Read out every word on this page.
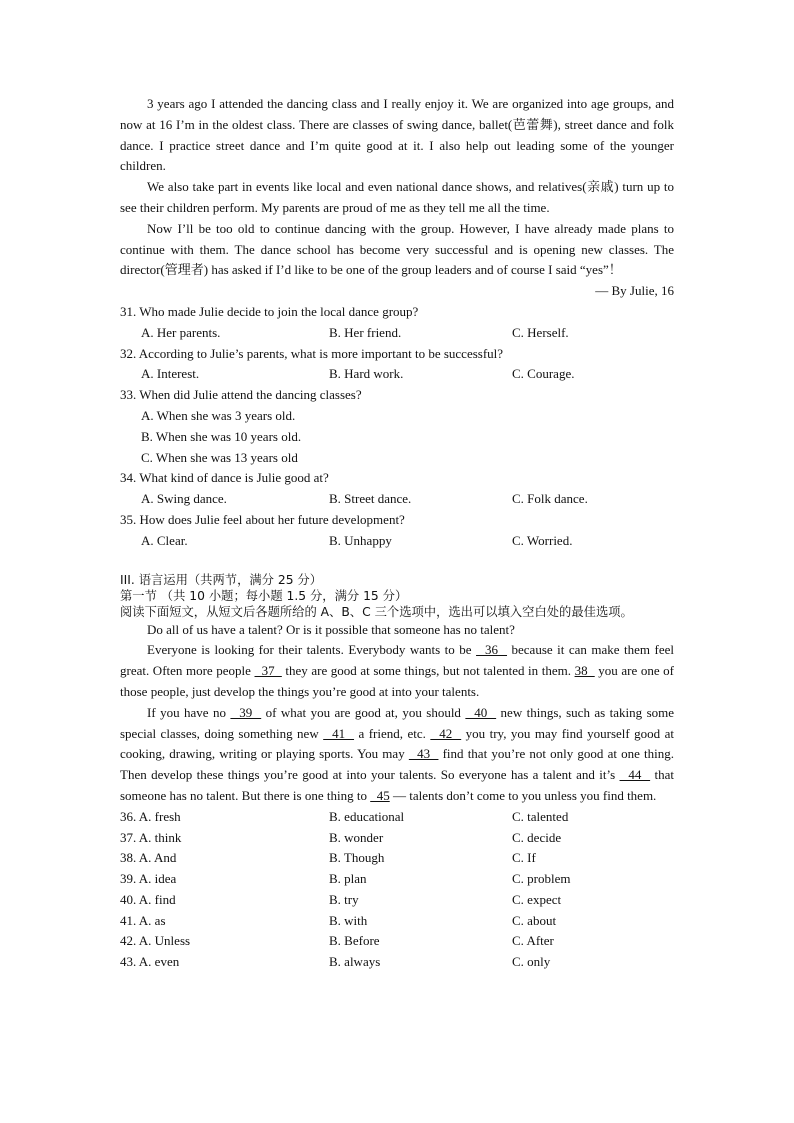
3 years ago I attended the dancing class and I really enjoy it. We are organized into age groups, and now at 16 I’m in the oldest class. There are classes of swing dance, ballet(芭蕾舞), street dance and folk dance. I practice street dance and I’m quite good at it. I also help out leading some of the younger children.

We also take part in events like local and even national dance shows, and relatives(亲戚) turn up to see their children perform. My parents are proud of me as they tell me all the time.

Now I’ll be too old to continue dancing with the group. However, I have already made plans to continue with them. The dance school has become very successful and is opening new classes. The director(管理者) has asked if I’d like to be one of the group leaders and of course I said “yes”！

— By Julie, 16

31. Who made Julie decide to join the local dance group?

A. Her parents.	B. Her friend.	C. Herself.

32. According to Julie’s parents, what is more important to be successful?

A. Interest.	B. Hard work.	C. Courage.

33. When did Julie attend the dancing classes?

A. When she was 3 years old.

B. When she was 10 years old.

C. When she was 13 years old

34. What kind of dance is Julie good at?

A. Swing dance.	B. Street dance.	C. Folk dance.

35. How does Julie feel about her future development?

A. Clear.	B. Unhappy	C. Worried.

III. 语言运用（共两节，满分 25 分）

第一节 （共 10 小题；每小题 1.5 分，满分 15 分）

阅读下面短文，从短文后各题所给的 A、B、C 三个选项中，选出可以填入空白处的最佳选项。

Do all of us have a talent? Or is it possible that someone has no talent?

Everyone is looking for their talents. Everybody wants to be   36   because it can make them feel great. Often more people   37   they are good at some things, but not talented in them. 38   you are one of those people, just develop the things you’re good at into your talents.

If you have no   39   of what you are good at, you should   40   new things, such as taking some special classes, doing something new   41   a friend, etc.   42   you try, you may find yourself good at cooking, drawing, writing or playing sports. You may   43   find that you’re not only good at one thing. Then develop these things you’re good at into your talents. So everyone has a talent and it’s   44   that someone has no talent. But there is one thing to   45 — talents don’t come to you unless you find them.

36. A. fresh	B. educational	C. talented
37. A. think	B. wonder	C. decide
38. A. And	B. Though	C. If
39. A. idea	B. plan	C. problem
40. A. find	B. try	C. expect
41. A. as	B. with	C. about
42. A. Unless	B. Before	C. After
43. A. even	B. always	C. only
